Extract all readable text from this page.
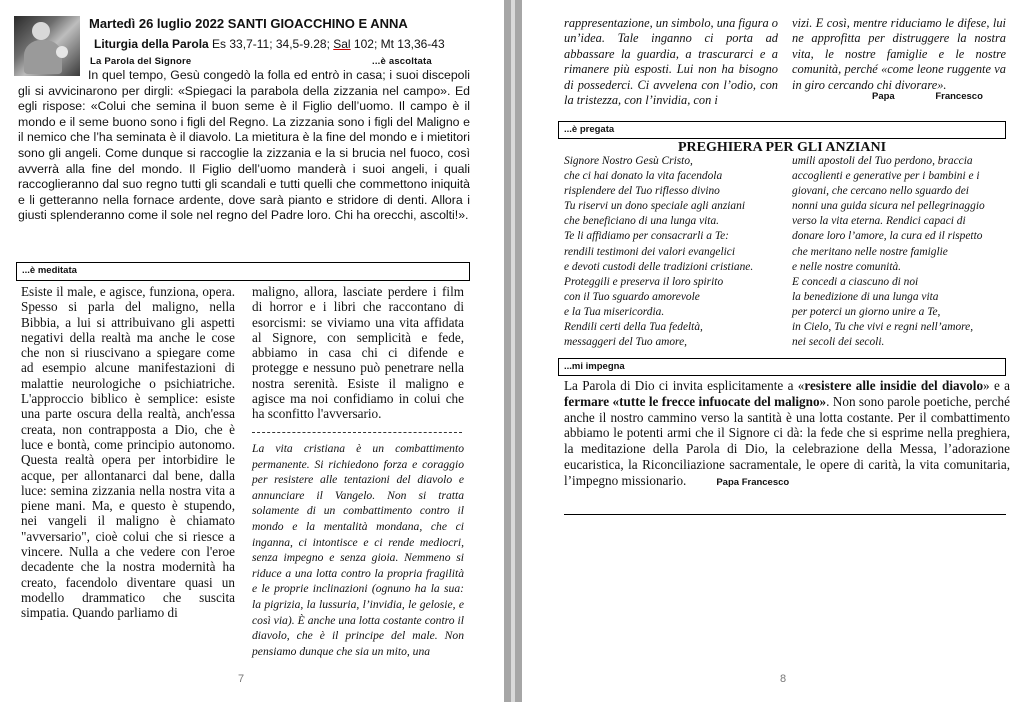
Martedì 26 luglio 2022 SANTI GIOACCHINO E ANNA
Liturgia della Parola Es 33,7-11; 34,5-9.28; Sal 102; Mt 13,36-43
La Parola del Signore	...è ascoltata
In quel tempo, Gesù congedò la folla ed entrò in casa; i suoi discepoli gli si avvicinarono per dirgli: «Spiegaci la parabola della zizzania nel campo». Ed egli rispose: «Colui che semina il buon seme è il Figlio dell’uomo. Il campo è il mondo e il seme buono sono i figli del Regno. La zizzania sono i figli del Maligno e il nemico che l’ha seminata è il diavolo. La mietitura è la fine del mondo e i mietitori sono gli angeli. Come dunque si raccoglie la zizzania e la si brucia nel fuoco, così avverrà alla fine del mondo. Il Figlio dell’uomo manderà i suoi angeli, i quali raccoglieranno dal suo regno tutti gli scandali e tutti quelli che commettono iniquità e li getteranno nella fornace ardente, dove sarà pianto e stridore di denti. Allora i giusti splenderanno come il sole nel regno del Padre loro. Chi ha orecchi, ascolti!».
...è meditata
Esiste il male, e agisce, funziona, opera. Spesso si parla del maligno, nella Bibbia, a lui si attribuivano gli aspetti negativi della realtà ma anche le cose che non si riuscivano a spiegare come ad esempio alcune manifestazioni di malattie neurologiche o psichiatriche. L'approccio biblico è semplice: esiste una parte oscura della realtà, anch'essa creata, non contrapposta a Dio, che è luce e bontà, come principio autonomo. Questa realtà opera per intorbidire le acque, per allontanarci dal bene, dalla luce: semina zizzania nella nostra vita a piene mani. Ma, e questo è stupendo, nei vangeli il maligno è chiamato "avversario", cioè colui che si riesce a vincere. Nulla a che vedere con l'eroe decadente che la nostra modernità ha creato, facendolo diventare quasi un modello drammatico che suscita simpatia. Quando parliamo di
maligno, allora, lasciate perdere i film di horror e i libri che raccontano di esorcismi: se viviamo una vita affidata al Signore, con semplicità e fede, abbiamo in casa chi ci difende e protegge e nessuno può penetrare nella nostra serenità. Esiste il maligno e agisce ma noi confidiamo in colui che ha sconfitto l'avversario.
La vita cristiana è un combattimento permanente. Si richiedono forza e coraggio per resistere alle tentazioni del diavolo e annunciare il Vangelo. Non si tratta solamente di un combattimento contro il mondo e la mentalità mondana, che ci inganna, ci intontisce e ci rende mediocri, senza impegno e senza gioia. Nemmeno si riduce a una lotta contro la propria fragilità e le proprie inclinazioni (ognuno ha la sua: la pigrizia, la lussuria, l’invidia, le gelosie, e così via). È anche una lotta costante contro il diavolo, che è il principe del male. Non pensiamo dunque che sia un mito, una
7
rappresentazione, un simbolo, una figura o un’idea. Tale inganno ci porta ad abbassare la guardia, a trascurarci e a rimanere più esposti. Lui non ha bisogno di possederci. Ci avvelena con l’odio, con la tristezza, con l’invidia, con i
vizi. E così, mentre riduciamo le difese, lui ne approfitta per distruggere la nostra vita, le nostre famiglie e le nostre comunità, perché «come leone ruggente va in giro cercando chi divorare».
Papa Francesco
...è pregata
PREGHIERA PER GLI ANZIANI
Signore Nostro Gesù Cristo,
che ci hai donato la vita facendola
risplendere del Tuo riflesso divino
Tu riservi un dono speciale agli anziani
che beneficiano di una lunga vita.
Te li affidiamo per consacrarli a Te:
rendili testimoni dei valori evangelici
e devoti custodi delle tradizioni cristiane.
Proteggili e preserva il loro spirito
con il Tuo sguardo amorevole
e la Tua misericordia.
Rendili certi della Tua fedeltà,
messaggeri del Tuo amore,
umili apostoli del Tuo perdono, braccia
accoglienti e generative per i bambini e i
giovani, che cercano nello sguardo dei
nonni una guida sicura nel pellegrinaggio
verso la vita eterna. Rendici capaci di
donare loro l’amore, la cura ed il rispetto
che meritano nelle nostre famiglie
e nelle nostre comunità.
E concedi a ciascuno di noi
la benedizione di una lunga vita
per poterci un giorno unire a Te,
in Cielo, Tu che vivi e regni nell’amore,
nei secoli dei secoli.
...mi impegna
La Parola di Dio ci invita esplicitamente a «resistere alle insidie del diavolo» e a fermare «tutte le frecce infuocate del maligno». Non sono parole poetiche, perché anche il nostro cammino verso la santità è una lotta costante. Per il combattimento abbiamo le potenti armi che il Signore ci dà: la fede che si esprime nella preghiera, la meditazione della Parola di Dio, la celebrazione della Messa, l’adorazione eucaristica, la Riconciliazione sacramentale, le opere di carità, la vita comunitaria, l’impegno missionario.	Papa Francesco
8
